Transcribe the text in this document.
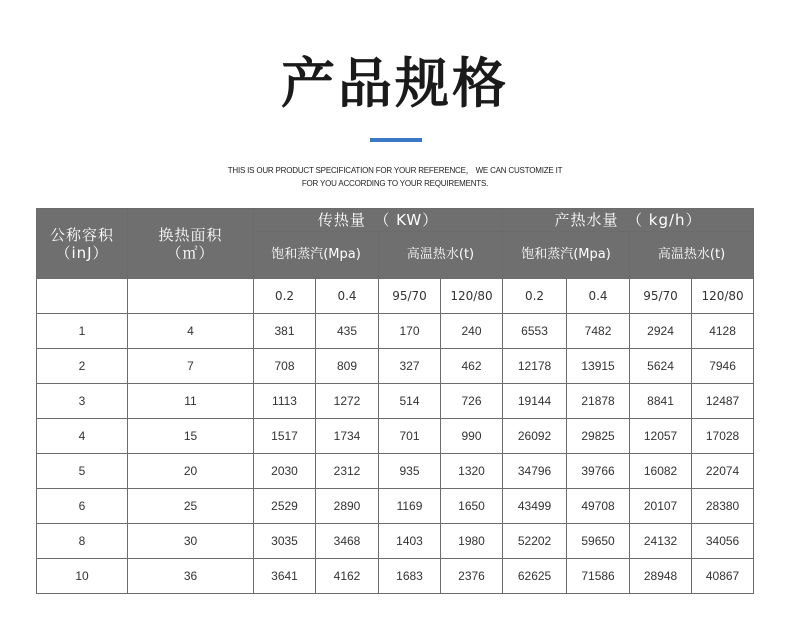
产品规格
THIS IS OUR PRODUCT SPECIFICATION FOR YOUR REFERENCE， WE CAN CUSTOMIZE IT
FOR YOU ACCORDING TO YOUR REQUIREMENTS.
公称容积（inJ）	换热面积（㎡）	传热量　（ KW）				产热水量　（ kg/h）			
		饱和蒸汽(Mpa)		高温热水(t)		饱和蒸汽(Mpa)		高温热水(t)	
		0.2	0.4	95/70	120/80	0.2	0.4	95/70	120/80
1	4	381	435	170	240	6553	7482	2924	4128
2	7	708	809	327	462	12178	13915	5624	7946
3	11	1113	1272	514	726	19144	21878	8841	12487
4	15	1517	1734	701	990	26092	29825	12057	17028
5	20	2030	2312	935	1320	34796	39766	16082	22074
6	25	2529	2890	1169	1650	43499	49708	20107	28380
8	30	3035	3468	1403	1980	52202	59650	24132	34056
10	36	3641	4162	1683	2376	62625	71586	28948	40867
